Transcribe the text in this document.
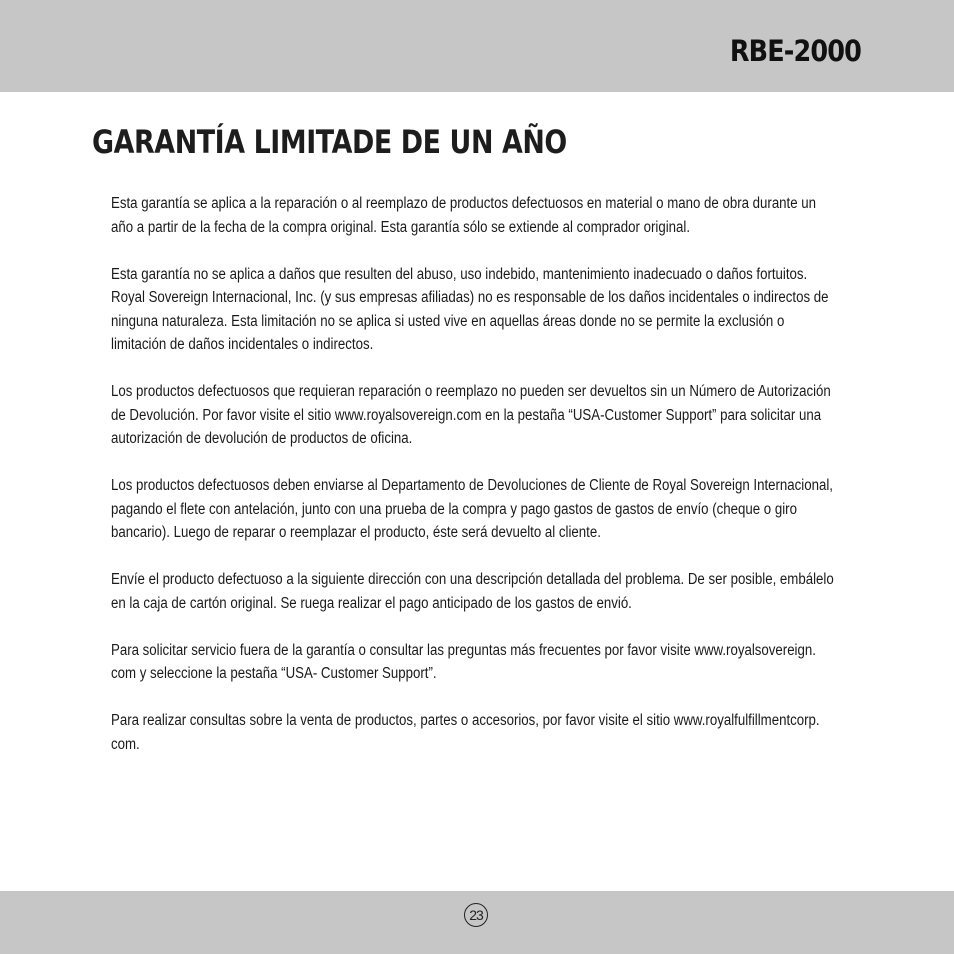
RBE-2000
GARANTÍA LIMITADE DE UN AÑO

Esta garantía se aplica a la reparación o al reemplazo de productos defectuosos en material o mano de obra durante un
año a partir de la fecha de la compra original. Esta garantía sólo se extiende al comprador original.

Esta garantía no se aplica a daños que resulten del abuso, uso indebido, mantenimiento inadecuado o daños fortuitos.
Royal Sovereign Internacional, Inc. (y sus empresas afiliadas) no es responsable de los daños incidentales o indirectos de
ninguna naturaleza. Esta limitación no se aplica si usted vive en aquellas áreas donde no se permite la exclusión o
limitación de daños incidentales o indirectos.

Los productos defectuosos que requieran reparación o reemplazo no pueden ser devueltos sin un Número de Autorización
de Devolución. Por favor visite el sitio www.royalsovereign.com en la pestaña “USA-Customer Support” para solicitar una
autorización de devolución de productos de oficina.

Los productos defectuosos deben enviarse al Departamento de Devoluciones de Cliente de Royal Sovereign Internacional,
pagando el flete con antelación, junto con una prueba de la compra y pago gastos de gastos de envío (cheque o giro
bancario). Luego de reparar o reemplazar el producto, éste será devuelto al cliente.

Envíe el producto defectuoso a la siguiente dirección con una descripción detallada del problema. De ser posible, embálelo
en la caja de cartón original. Se ruega realizar el pago anticipado de los gastos de envió.

Para solicitar servicio fuera de la garantía o consultar las preguntas más frecuentes por favor visite www.royalsovereign.
com y seleccione la pestaña “USA- Customer Support”.

Para realizar consultas sobre la venta de productos, partes o accesorios, por favor visite el sitio www.royalfulfillmentcorp.
com.

23
